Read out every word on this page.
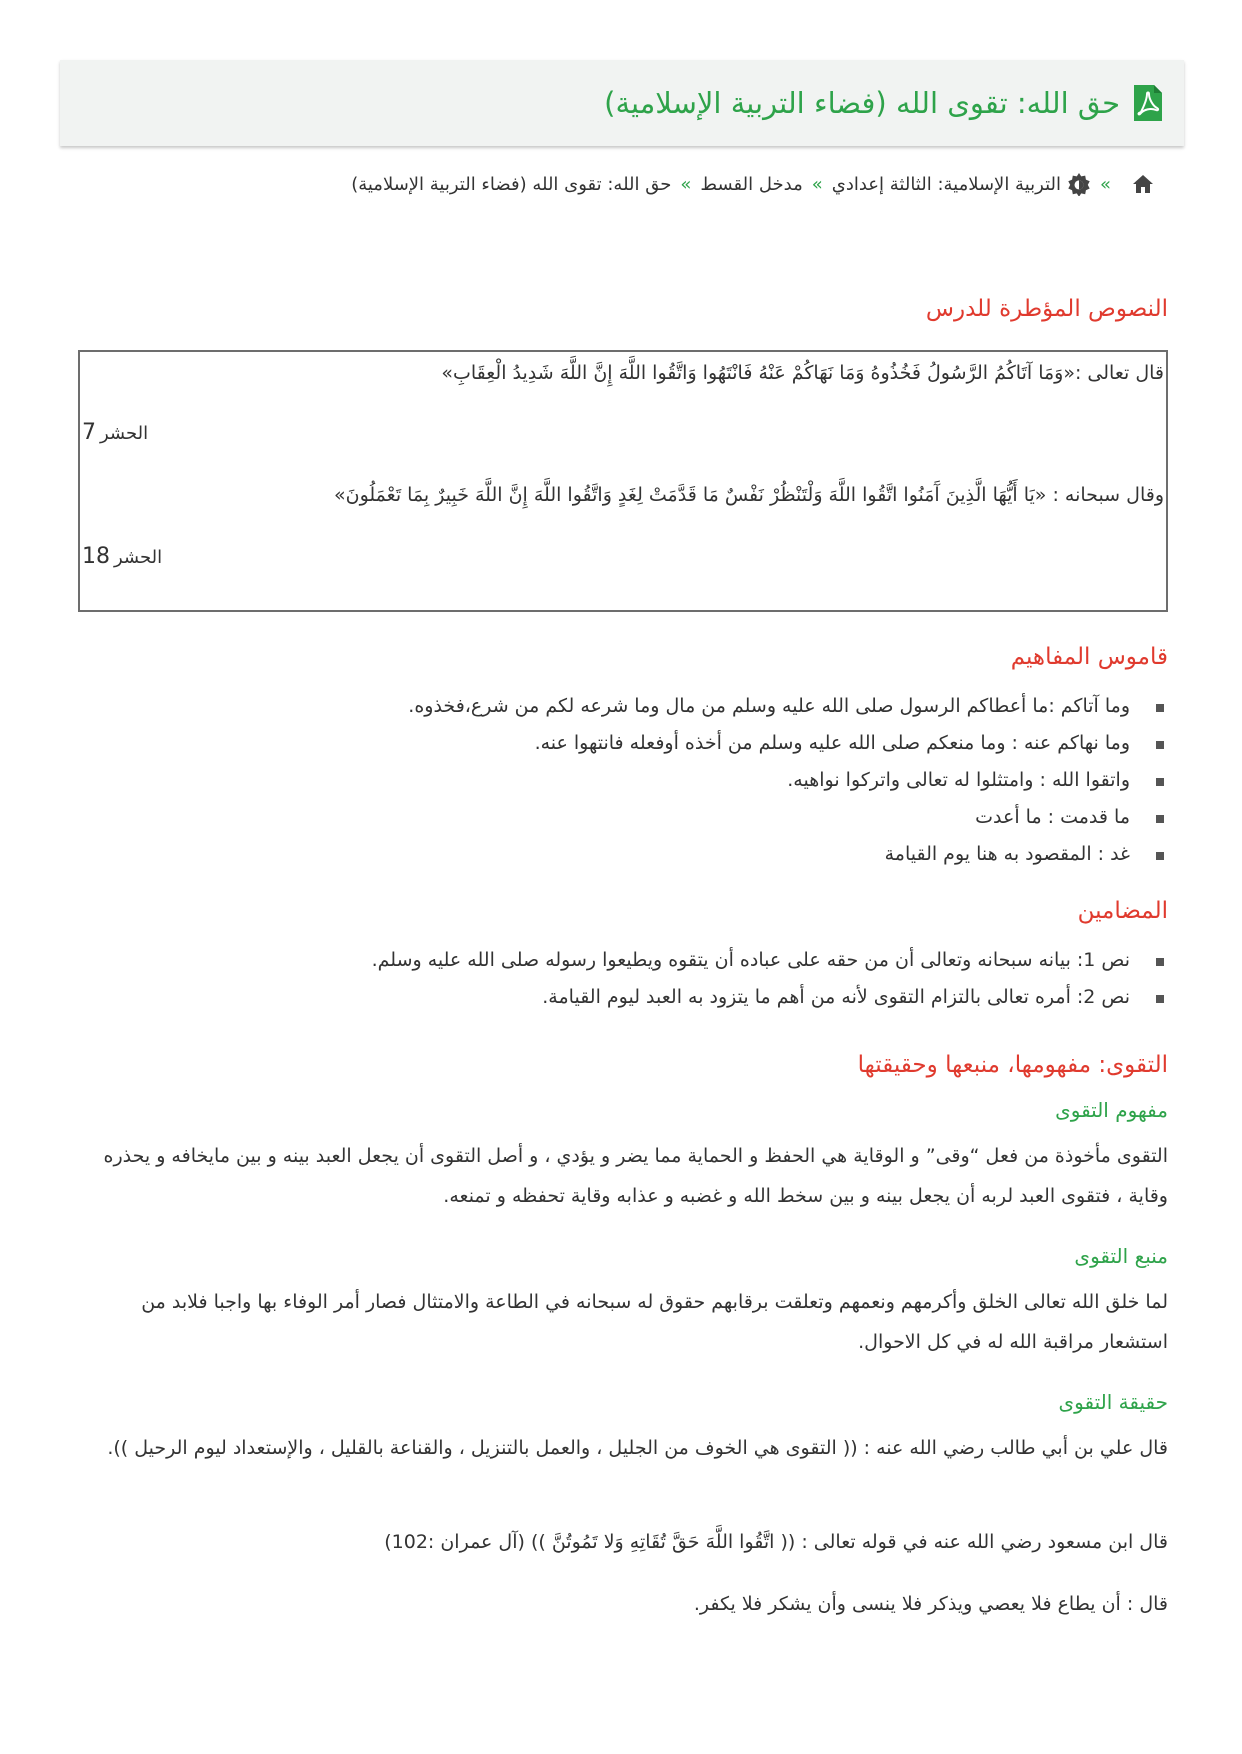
حق الله: تقوى الله (فضاء التربية الإسلامية)
»
التربية الإسلامية: الثالثة إعدادي
»
مدخل القسط
»
حق الله: تقوى الله (فضاء التربية الإسلامية)
النصوص المؤطرة للدرس
قال تعالى :«وَمَا آتَاكُمُ الرَّسُولُ فَخُذُوهُ وَمَا نَهَاكُمْ عَنْهُ فَانْتَهُوا وَاتَّقُوا اللَّهَ إِنَّ اللَّهَ شَدِيدُ الْعِقَابِ»
الحشر7
وقال سبحانه : «يَا أَيُّهَا الَّذِينَ آَمَنُوا اتَّقُوا اللَّهَ وَلْتَنْظُرْ نَفْسٌ مَا قَدَّمَتْ لِغَدٍ وَاتَّقُوا اللَّهَ إِنَّ اللَّهَ خَبِيرٌ بِمَا تَعْمَلُونَ»
الحشر18
قاموس المفاهيم
وما آتاكم :ما أعطاكم الرسول صلى الله عليه وسلم من مال وما شرعه لكم من شرع،فخذوه.
وما نهاكم عنه : وما منعكم صلى الله عليه وسلم من أخذه أوفعله فانتهوا عنه.
واتقوا الله : وامتثلوا له تعالى واتركوا نواهيه.
ما قدمت : ما أعدت
غد : المقصود به هنا يوم القيامة
المضامين
نص 1: بيانه سبحانه وتعالى أن من حقه على عباده أن يتقوه ويطيعوا رسوله صلى الله عليه وسلم.
نص 2: أمره تعالى بالتزام التقوى لأنه من أهم ما يتزود به العبد ليوم القيامة.
التقوى: مفهومها، منبعها وحقيقتها
مفهوم التقوى

التقوى مأخوذة من فعل “وقى” و الوقاية هي الحفظ و الحماية مما يضر و يؤدي ، و أصل التقوى أن يجعل العبد بينه و بين مايخافه و يحذره وقاية ، فتقوى العبد لربه أن يجعل بينه و بين سخط الله و غضبه و عذابه وقاية تحفظه و تمنعه.

منبع التقوى

لما خلق الله تعالى الخلق وأكرمهم ونعمهم وتعلقت برقابهم حقوق له سبحانه في الطاعة والامتثال فصار أمر الوفاء بها واجبا فلابد من استشعار مراقبة الله له في كل الاحوال.

حقيقة التقوى

قال علي بن أبي طالب رضي الله عنه : (( التقوى هي الخوف من الجليل ، والعمل بالتنزيل ، والقناعة بالقليل ، والإستعداد ليوم الرحيل )).

قال ابن مسعود رضي الله عنه في قوله تعالى : (( اتَّقُوا اللَّهَ حَقَّ تُقَاتِهِ وَلا تَمُوتُنَّ )) (آل عمران :102)

قال : أن يطاع فلا يعصي ويذكر فلا ينسى وأن يشكر فلا يكفر.
